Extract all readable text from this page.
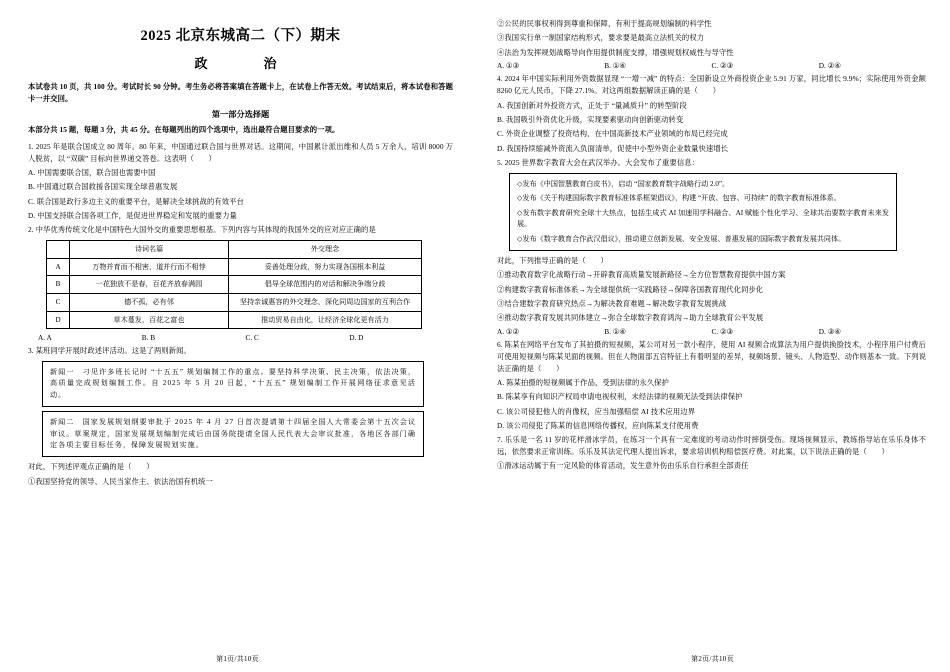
2025 北京东城高二（下）期末
政　　治

本试卷共 10 页，共 100 分。考试时长 90 分钟。考生务必将答案填在答题卡上，在试卷上作答无效。考试结束后，将本试卷和答题卡一并交回。

第一部分选择题

本部分共 15 题，每题 3 分，共 45 分。在每题列出的四个选项中，选出最符合题目要求的一项。

1. 2025 年是联合国成立 80 周年。80 年来，中国通过联合国与世界对话。这期间，中国累计派出维和人员 5 万余人，培训 8000 万人脱贫，以 “双碳” 目标向世界递交答卷。这表明（　　）

A. 中国需要联合国，联合国也需要中国

B. 中国通过联合国救援各国实现全球普惠发展

C. 联合国是政行多边主义的重要平台，是解决全球挑战的有效平台

D. 中国支持联合国各项工作，是促进世界稳定和发展的重要力量

2. 中华优秀传统文化是中国特色大国外交的重要思想根基。下列内容与其体现的我国外交的应对应正确的是

	诗词名篇	外交理念
A	万物并育而不相害，道并行而不相悖	妥善处理分歧，努力实现各国根本利益
B	一花独放不是春，百花齐放春满园	倡导全球范围内的对话和解决争端分歧
C	德不孤，必有邻	坚持亲诚惠容的外交理念，深化同周边国家的互利合作
D	草木蔓发，百花之富也	推动贸易自由化，让经济全球化更有活力
A. A	B. B	C. C	D. D

3. 某班同学开展时政述评活动。这是了两则新闻。

新闻一　刁见许多班长记时 “十五五” 规划编制工作的重点。要坚持科学决策、民主决策，依法决策，高质量完成规划编制工作。自 2025 年 5 月 20 日起，“十五五” 规划编制工作开展网络征求意见活动。

新闻二　国家发展规划纲要审批于 2025 年 4 月 27 日首次提请第十四届全国人大常委会第十五次会议审议。草案规定，国家发展规划编制完成后由国务院提请全国人民代表大会审议批准，各地区各部门确定各项主要目标任务，保障发展规划实施。

对此，下列述评观点正确的是（　　）

①我国坚持党的领导、人民当家作主、依法治国有机统一

第1页/共10页

②公民的民事权利得到尊重和保障，有利于提高规划编制的科学性

③我国实行单一制国家结构形式，要求要是最高立法机关的权力

④法治为发挥规划战略导向作用提供制度支撑，增强规划权威性与导守性

A. ①③	B. ①④	C. ②③	D. ②④

4. 2024 年中国实际利用外资数据显现 “一增一减” 的特点：全国新设立外商投资企业 5.91 万家，同比增长 9.9%；实际使用外资金额 8260 亿元人民币，下降 27.1%。对这两组数据解读正确的是（　　）

A. 我国创新对外投资方式，正处于 “量减质升” 的转型阶段

B. 我国吸引外资优化升级，实现要素驱动向创新驱动转变

C. 外资企业调整了投资结构，在中国高新技术产业领域的布局已经完成

D. 我国持续缩减外资流入负面清单，促使中小型外资企业数量快速增长

5. 2025 世界数字教育大会在武汉举办。大会发布了重要信息：

◇发布《中国智慧教育白皮书》，启动 “国家教育数字战略行动 2.0”。

◇发布《关于构建国际数字教育标准体系框架倡议》，构建 “开放、包容、可持续” 的数字教育标准体系。

◇发布数字教育研究全球十大热点，包括生成式 AI 加速用学科融合、AI 赋能个性化学习、全球共治要数字教育未来发展。

◇发布《数字教育合作武汉倡议》，推动建立创新发展、安全发展、普惠发展的国际数字教育发展共同体。

对此，下列推导正确的是（　　）

①推动教育数字化战略行动→开辟教育高质量发展新路径→全方位智慧教育提供中国方案

②构建数字教育标准体系→为全球提供统一实践路径→保障各国教育现代化同步化

③结合建数字教育研究热点→为解决教育难题→解决数字教育发展挑战

④推动数字教育发展共同体建立→弥合全球数字教育鸿沟→助力全球教育公平发展

A. ①②	B. ①④	C. ②③	D. ③④

6. 陈某在网络平台发布了其拍摄的短视频，某公司对另一款小程序，使用 AI 视频合成算法为用户提供换脸技术，小程序用户付费后可使用短视频与陈某见面的视频。但在人物面部五官特征上有着明显的差异，视频场景、镜头、人物造型、动作则基本一致。下列说法正确的是（　　）

A. 陈某拍摄的短视频属于作品，受到法律的永久保护

B. 陈某享有向知识产权局申请电视权利，未经法律的视频无法受到法律保护

C. 该公司侵犯他人的肖像权，应当加强赔偿 AI 技术应用边界

D. 该公司侵犯了陈某的信息网络传播权，应向陈某支付使用费

7. 乐乐是一名 11 岁的花样滑冰学员，在练习一个具有一定难度的考动动作时摔倒受伤。现场视频显示，教练指导站在乐乐身体不远，依然要求正常训练。乐乐及其法定代理人提出诉求，要求培训机构赔偿医疗费。对此案，以下说法正确的是（　　）

①滑冰运动属于有一定风险的体育活动，发生意外伤由乐乐自行承担全部责任

第2页/共10页
